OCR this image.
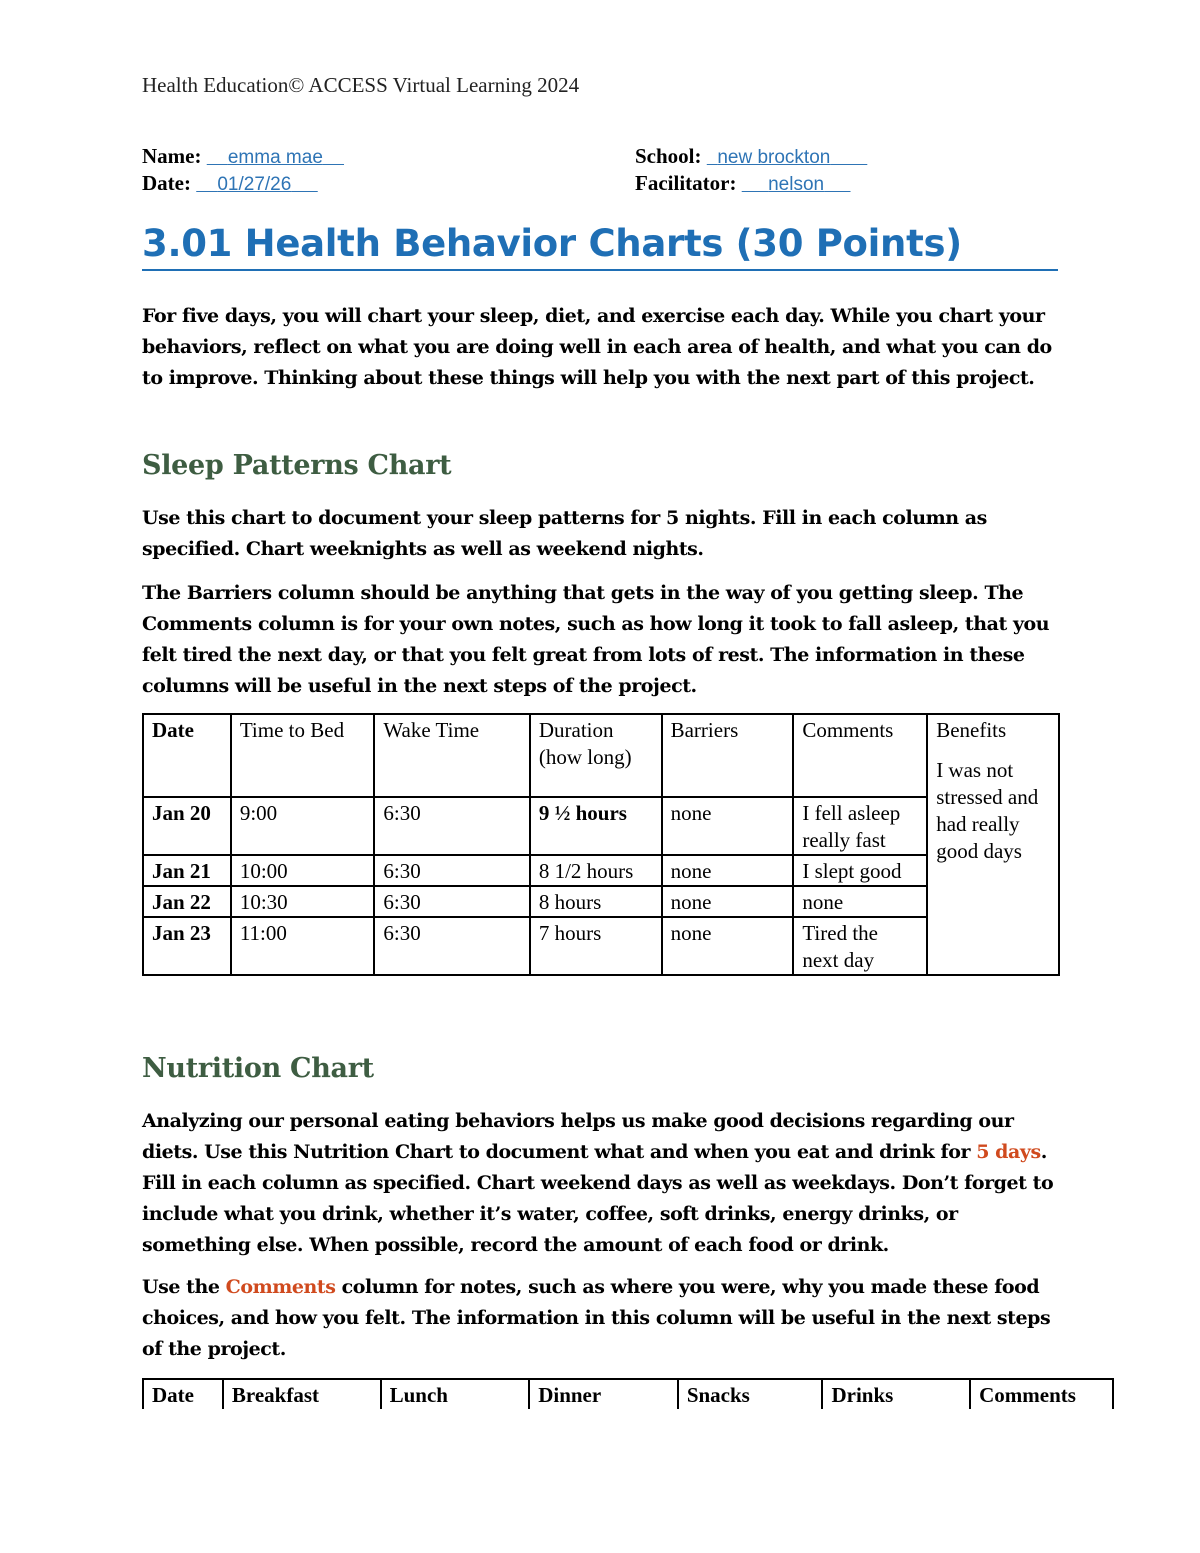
Health Education© ACCESS Virtual Learning 2024
Name: emma mae
Date: 01/27/26
School: new brockton
Facilitator: nelson
3.01 Health Behavior Charts (30 Points)
For five days, you will chart your sleep, diet, and exercise each day. While you chart your behaviors, reflect on what you are doing well in each area of health, and what you can do to improve. Thinking about these things will help you with the next part of this project.
Sleep Patterns Chart
Use this chart to document your sleep patterns for 5 nights. Fill in each column as specified. Chart weeknights as well as weekend nights.
The Barriers column should be anything that gets in the way of you getting sleep. The Comments column is for your own notes, such as how long it took to fall asleep, that you felt tired the next day, or that you felt great from lots of rest. The information in these columns will be useful in the next steps of the project.
Date	Time to Bed	Wake Time	Duration (how long)	Barriers	Comments	Benefits
I was not stressed and had really good days

Jan 20	9:00	6:30	9 ½ hours	none	I fell asleep really fast	
Jan 21	10:00	6:30	8 1/2 hours	none	I slept good	
Jan 22	10:30	6:30	8 hours	none	none	
Jan 23	11:00	6:30	7 hours	none	Tired the next day	
Nutrition Chart
Analyzing our personal eating behaviors helps us make good decisions regarding our diets. Use this Nutrition Chart to document what and when you eat and drink for 5 days. Fill in each column as specified. Chart weekend days as well as weekdays. Don’t forget to include what you drink, whether it’s water, coffee, soft drinks, energy drinks, or something else. When possible, record the amount of each food or drink.
Use the Comments column for notes, such as where you were, why you made these food choices, and how you felt. The information in this column will be useful in the next steps of the project.
Date	Breakfast	Lunch	Dinner	Snacks	Drinks	Comments
